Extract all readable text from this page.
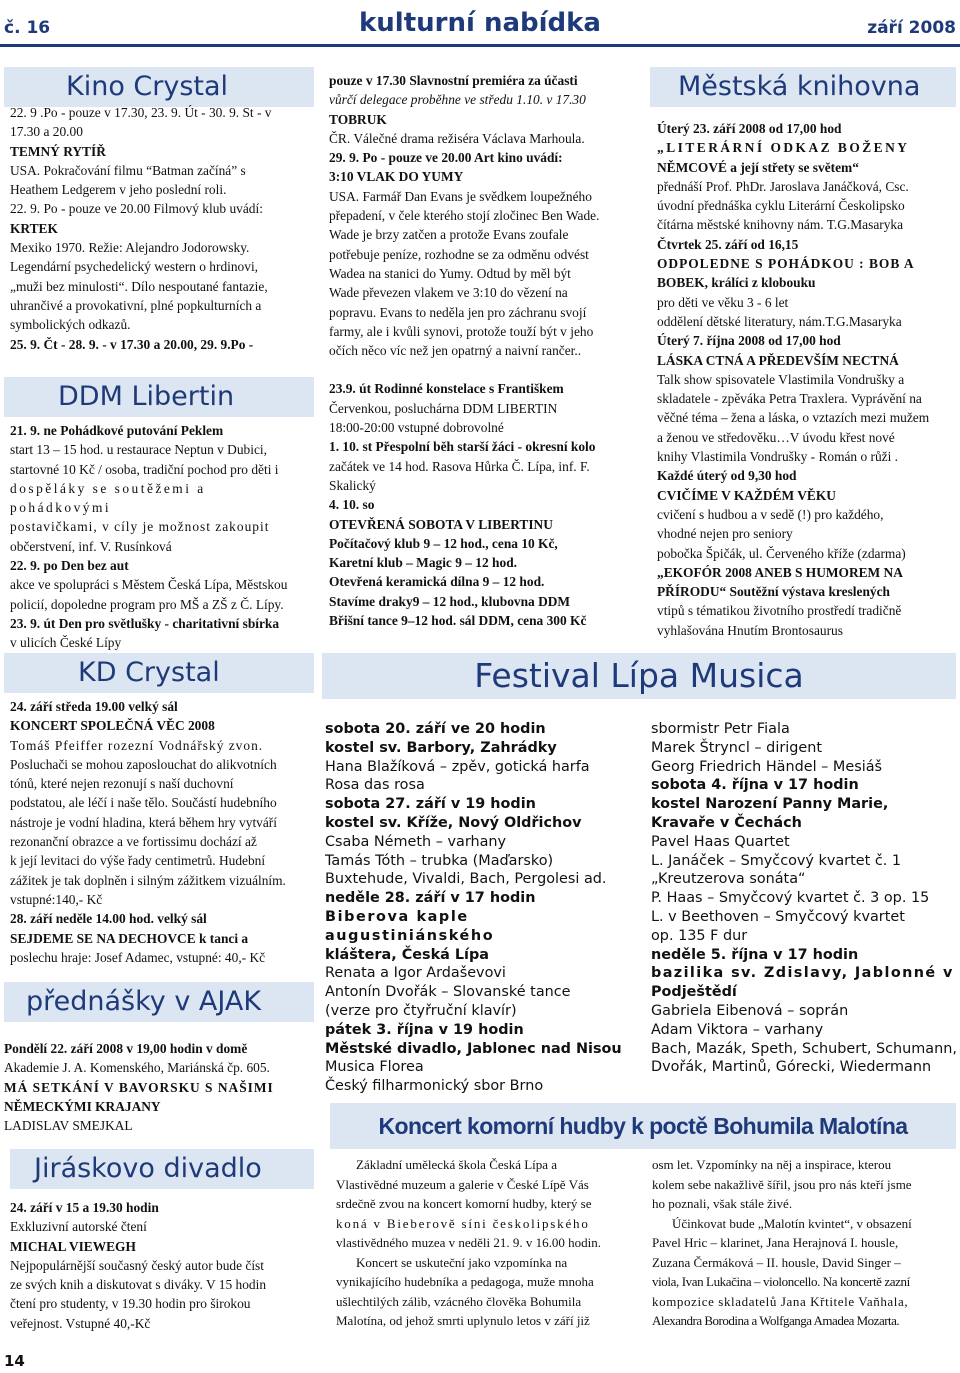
č. 16	kulturní nabídka	září 2008
Kino Crystal

22. 9 .Po - pouze v 17.30, 23. 9. Út - 30. 9. St - v

17.30 a 20.00

TEMNÝ RYTÍŘ

USA. Pokračování filmu “Batman začíná” s

Heathem Ledgerem v jeho poslední roli.

22. 9. Po - pouze ve 20.00 Filmový klub uvádí:

KRTEK

Mexiko 1970. Režie: Alejandro Jodorowsky.

Legendární psychedelický western o hrdinovi,

„muži bez minulosti“. Dílo nespoutané fantazie,

uhrančivé a provokativní, plné popkulturních a

symbolických odkazů.

25. 9. Čt - 28. 9. - v 17.30 a 20.00, 29. 9.Po -

DDM Libertin

21. 9. ne Pohádkové putování Peklem

start 13 – 15 hod. u restaurace Neptun v Dubici,

startovné 10 Kč / osoba, tradiční pochod pro děti i

dospěláky se soutěžemi a pohádkovými

postavičkami, v cíly je možnost zakoupit

občerstvení, inf. V. Rusínková

22. 9. po Den bez aut

akce ve spolupráci s Městem Česká Lípa, Městskou

policií, dopoledne program pro MŠ a ZŠ z Č. Lípy.

23. 9. út Den pro světlušky - charitativní sbírka

v ulicích České Lípy

KD Crystal

24. září středa 19.00 velký sál

KONCERT SPOLEČNÁ VĚC 2008

Tomáš Pfeiffer rozezní Vodnářský zvon.

Posluchači se mohou zaposlouchat do alikvotních

tónů, které nejen rezonují s naší duchovní

podstatou, ale léčí i naše tělo. Součástí hudebního

nástroje je vodní hladina, která během hry vytváří

rezonanční obrazce a ve fortissimu dochází až

k její levitaci do výše řady centimetrů. Hudební

zážitek je tak doplněn i silným zážitkem vizuálním.

vstupné:140,- Kč

28. září neděle 14.00 hod. velký sál

SEJDEME SE NA DECHOVCE k tanci a

poslechu hraje: Josef Adamec, vstupné: 40,- Kč

přednášky v AJAK

Pondělí 22. září 2008 v 19,00 hodin v domě

Akademie J. A. Komenského, Mariánská čp. 605.

MÁ SETKÁNÍ V BAVORSKU S NAŠIMI

NĚMECKÝMI KRAJANY

LADISLAV SMEJKAL

Jiráskovo divadlo

24. září v 15 a 19.30 hodin

Exkluzivní autorské čtení

MICHAL VIEWEGH

Nejpopulárnější současný český autor bude číst

ze svých knih a diskutovat s diváky. V 15 hodin

čtení pro studenty, v 19.30 hodin pro širokou

veřejnost. Vstupné 40,-Kč

pouze v 17.30 Slavnostní premiéra za účasti

vůrčí delegace proběhne ve středu 1.10. v 17.30

TOBRUK

ČR. Válečné drama režiséra Václava Marhoula.

29. 9. Po - pouze ve 20.00 Art kino uvádí:

3:10 VLAK DO YUMY

USA. Farmář Dan Evans je svědkem loupežného

přepadení, v čele kterého stojí zločinec Ben Wade.

Wade je brzy zatčen a protože Evans zoufale

potřebuje peníze, rozhodne se za odměnu odvést

Wadea na stanici do Yumy. Odtud by měl být

Wade převezen vlakem ve 3:10 do vězení na

popravu. Evans to neděla jen pro záchranu svojí

farmy, ale i kvůli synovi, protože touží být v jeho

očích něco víc než jen opatrný a naivní rančer..

23.9. út Rodinné konstelace s Františkem

Červenkou, posluchárna DDM LIBERTIN

18:00-20:00 vstupné dobrovolné

1. 10. st Přespolní běh starší žáci - okresní kolo

začátek ve 14 hod. Rasova Hůrka Č. Lípa, inf. F.

Skalický

4. 10. so

OTEVŘENÁ SOBOTA V LIBERTINU

Počítačový klub 9 – 12 hod., cena 10 Kč,

Karetní klub – Magic 9 – 12 hod.

Otevřená keramická dílna 9 – 12 hod.

Stavíme draky9 – 12 hod., klubovna DDM

Břišní tance 9–12 hod. sál DDM, cena 300 Kč

Městská knihovna

Úterý 23. září 2008 od 17,00 hod

„LITERÁRNÍ ODKAZ BOŽENY

NĚMCOVÉ a její střety se světem“

přednáší Prof. PhDr. Jaroslava Janáčková, Csc.

úvodní přednáška cyklu Literární Českolipsko

čítárna městské knihovny nám. T.G.Masaryka

Čtvrtek 25. září od 16,15

ODPOLEDNE S POHÁDKOU : BOB A

BOBEK, králíci z klobouku

pro děti ve věku 3 - 6 let

oddělení dětské literatury, nám.T.G.Masaryka

Úterý 7. října 2008 od 17,00 hod

LÁSKA CTNÁ A PŘEDEVŠÍM NECTNÁ

Talk show spisovatele Vlastimila Vondrušky a

skladatele - zpěváka Petra Traxlera. Vyprávění na

věčné téma – žena a láska, o vztazích mezi mužem

a ženou ve středověku…V úvodu křest nové

knihy Vlastimila Vondrušky - Román o růži .

Každé úterý od 9,30 hod

CVIČÍME V KAŽDÉM VĚKU

cvičení s hudbou a v sedě (!) pro každého,

vhodné nejen pro seniory

pobočka Špičák, ul. Červeného kříže (zdarma)

„EKOFÓR 2008 ANEB S HUMOREM NA

PŘÍRODU“ Soutěžní výstava kreslených

vtipů s tématikou životního prostředí tradičně

vyhlašována Hnutím Brontosaurus

Festival Lípa Musica

sobota 20. září ve 20 hodin

kostel sv. Barbory, Zahrádky

Hana Blažíková – zpěv, gotická harfa

Rosa das rosa

sobota 27. září v 19 hodin

kostel sv. Kříže, Nový Oldřichov

Csaba Németh – varhany

Tamás Tóth – trubka (Maďarsko)

Buxtehude, Vivaldi, Bach, Pergolesi ad.

neděle 28. září v 17 hodin

Biberova kaple augustiniánského

kláštera, Česká Lípa

Renata a Igor Ardaševovi

Antonín Dvořák – Slovanské tance

(verze pro čtyřruční klavír)

pátek 3. října v 19 hodin

Městské divadlo, Jablonec nad Nisou

Musica Florea

Český filharmonický sbor Brno

sbormistr Petr Fiala

Marek Štryncl – dirigent

Georg Friedrich Händel – Mesiáš

sobota 4. října v 17 hodin

kostel Narození Panny Marie,

Kravaře v Čechách

Pavel Haas Quartet

L. Janáček – Smyčcový kvartet č. 1

„Kreutzerova sonáta“

P. Haas – Smyčcový kvartet č. 3 op. 15

L. v Beethoven – Smyčcový kvartet

op. 135 F dur

neděle 5. října v 17 hodin

bazilika sv. Zdislavy, Jablonné v

Podještědí

Gabriela Eibenová – soprán

Adam Viktora – varhany

Bach, Mazák, Speth, Schubert, Schumann,

Dvořák, Martinů, Górecki, Wiedermann

Koncert komorní hudby k poctě Bohumila Malotína

Základní umělecká škola Česká Lípa a

Vlastivědné muzeum a galerie v České Lípě Vás

srdečně zvou na koncert komorní hudby, který se

koná v Bieberově síni českolipského

vlastivědného muzea v neděli 21. 9. v 16.00 hodin.

Koncert se uskuteční jako vzpomínka na

vynikajícího hudebníka a pedagoga, muže mnoha

ušlechtilých zálib, vzácného člověka Bohumila

Malotína, od jehož smrti uplynulo letos v září již

osm let. Vzpomínky na něj a inspirace, kterou

kolem sebe nakažlivě šířil, jsou pro nás kteří jsme

ho poznali, však stále živé.

Účinkovat bude „Malotín kvintet“, v obsazení

Pavel Hric – klarinet, Jana Herajnová I. housle,

Zuzana Čermáková – II. housle, David Singer –

viola, Ivan Lukačina – violoncello. Na koncertě zazní

kompozice skladatelů Jana Křtitele Vaňhala,

Alexandra Borodina a Wolfganga Amadea Mozarta.

14
